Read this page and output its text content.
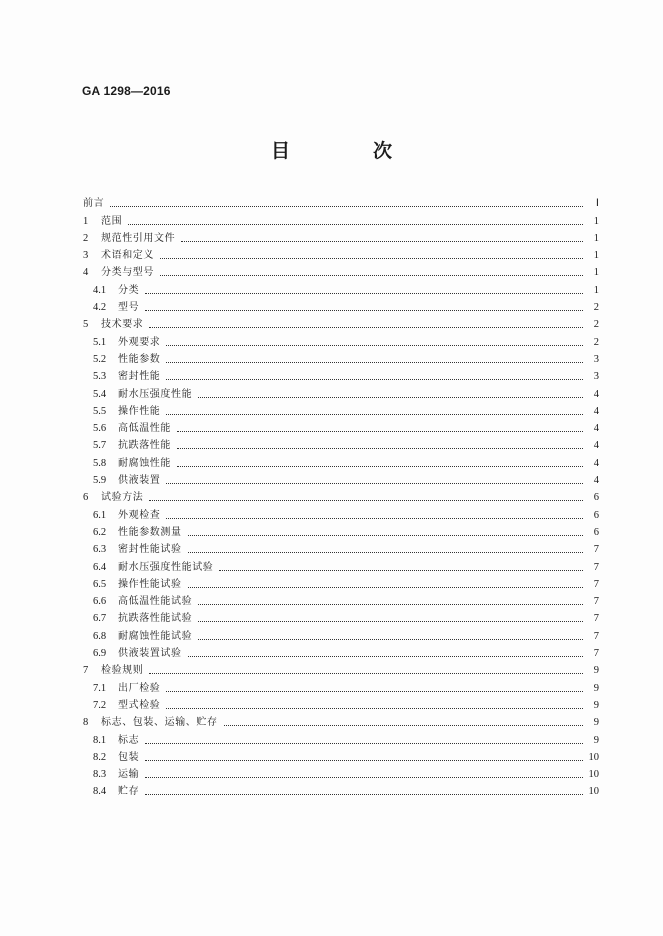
GA 1298—2016
目　次
前言	Ⅰ
1	范围	1
2	规范性引用文件	1
3	术语和定义	1
4	分类与型号	1
4.1	分类	1
4.2	型号	2
5	技术要求	2
5.1	外观要求	2
5.2	性能参数	3
5.3	密封性能	3
5.4	耐水压强度性能	4
5.5	操作性能	4
5.6	高低温性能	4
5.7	抗跌落性能	4
5.8	耐腐蚀性能	4
5.9	供液装置	4
6	试验方法	6
6.1	外观检查	6
6.2	性能参数测量	6
6.3	密封性能试验	7
6.4	耐水压强度性能试验	7
6.5	操作性能试验	7
6.6	高低温性能试验	7
6.7	抗跌落性能试验	7
6.8	耐腐蚀性能试验	7
6.9	供液装置试验	7
7	检验规则	9
7.1	出厂检验	9
7.2	型式检验	9
8	标志、包装、运输、贮存	9
8.1	标志	9
8.2	包装	10
8.3	运输	10
8.4	贮存	10
